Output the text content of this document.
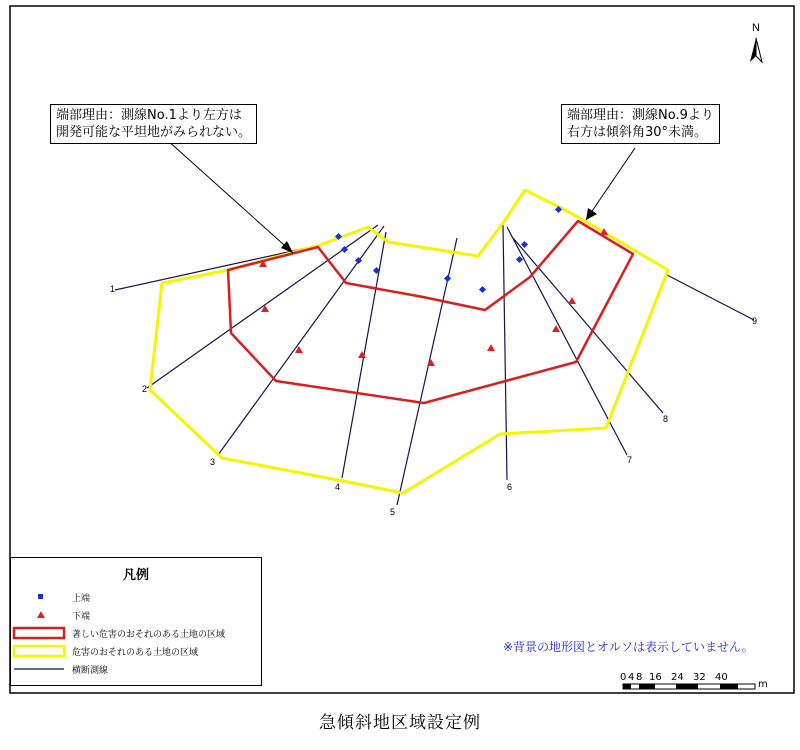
N
1
2
3
4
5
6
7
8
9
端部理由：測線No.1より左方は
開発可能な平坦地がみられない。
端部理由：測線No.9より
右方は傾斜角30°未満。
凡例
上端
下端
著しい危害のおそれのある土地の区域
危害のおそれのある土地の区域
横断測線
※背景の地形図とオルソは表示していません。
0 4 8 16 24 32 40
m
急傾斜地区域設定例
